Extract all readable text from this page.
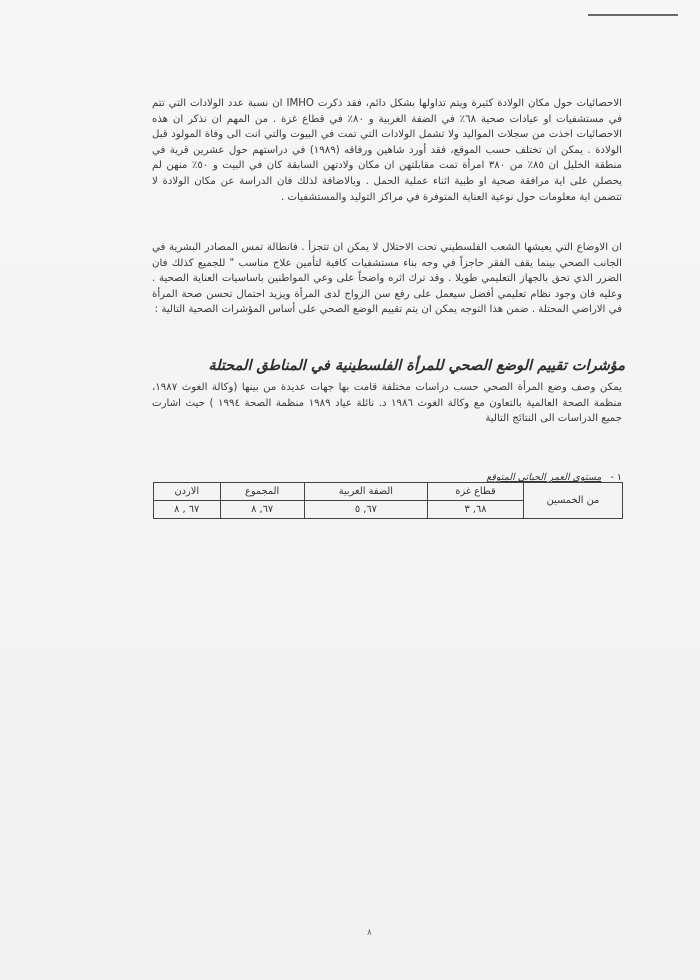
الاحصائيات حول مكان الولادة كثيرة ويتم تداولها بشكل دائم، فقد ذكرت IMHO ان نسبة عدد الولادات التي تتم في مستشفيات او عيادات صحية ٦٨٪ في الضفة الغربية و ٨٠٪ في قطاع غزة . من المهم ان نذكر ان هذه الاحصائيات اخذت من سجلات المواليد ولا تشمل الولادات التي تمت في البيوت والتي انت الى وفاة المولود قبل الولادة . يمكن ان تختلف حسب الموقع، فقد أورد شاهين ورفاقه (١٩٨٩) في دراستهم حول عشرين قرية في منطقة الخليل ان ٨٥٪ من ٣٨٠ امرأة تمت مقابلتهن ان مكان ولادتهن السابقة كان في البيت و ٥٠٪ منهن لم يحصلن على اية مرافقة صحية او طبية اثناء عملية الحمل . وبالاضافة لذلك فان الدراسة عن مكان الولادة لا تتضمن اية معلومات حول نوعية العناية المتوفرة في مراكز التوليد والمستشفيات .
ان الاوضاع التي يعيشها الشعب الفلسطيني تحت الاحتلال لا يمكن ان تتجزأ . فانطالة تمس المصادر البشرية في الجانب الصحي بينما يقف الفقر حاجزاً في وجه بناء مستشفيات كافية لتأمين علاج مناسب " للجميع كذلك فان الضرر الذي تحق بالجهاز التعليمي طويلا . وقد ترك اثره واضحاً على وعي المواطنين باساسيات العناية الصحية . وعليه فان وجود نظام تعليمي أفضل سيعمل على رفع سن الزواج لدى المرأة ويزيد احتمال تحسن صحة المرأة في الاراضي المحتلة . ضمن هذا التوجه يمكن ان يتم تقييم الوضع الصحي على أساس المؤشرات الصحية التالية :
مؤشرات تقييم الوضع الصحي للمرأة الفلسطينية في المناطق المحتلة
يمكن وصف وضع المرأة الصحي حسب دراسات مختلفة قامت بها جهات عديدة من بينها (وكالة الغوث ١٩٨٧، منظمة الصحة العالمية بالتعاون مع وكالة الغوث ١٩٨٦ د. نائلة عياد ١٩٨٩ منظمة الصحة ١٩٩٤ ) حيث اشارت جميع الدراسات الى النتائج التالية
١ - مستوى العمر الحياتي المتوقع
من الخمسين	قطاع غزة	الضفة الغربية	المجموع	الاردن
	٦٨, ٣	٦٧, ٥	٦٧, ٨	٦٧ , ٨
٨
